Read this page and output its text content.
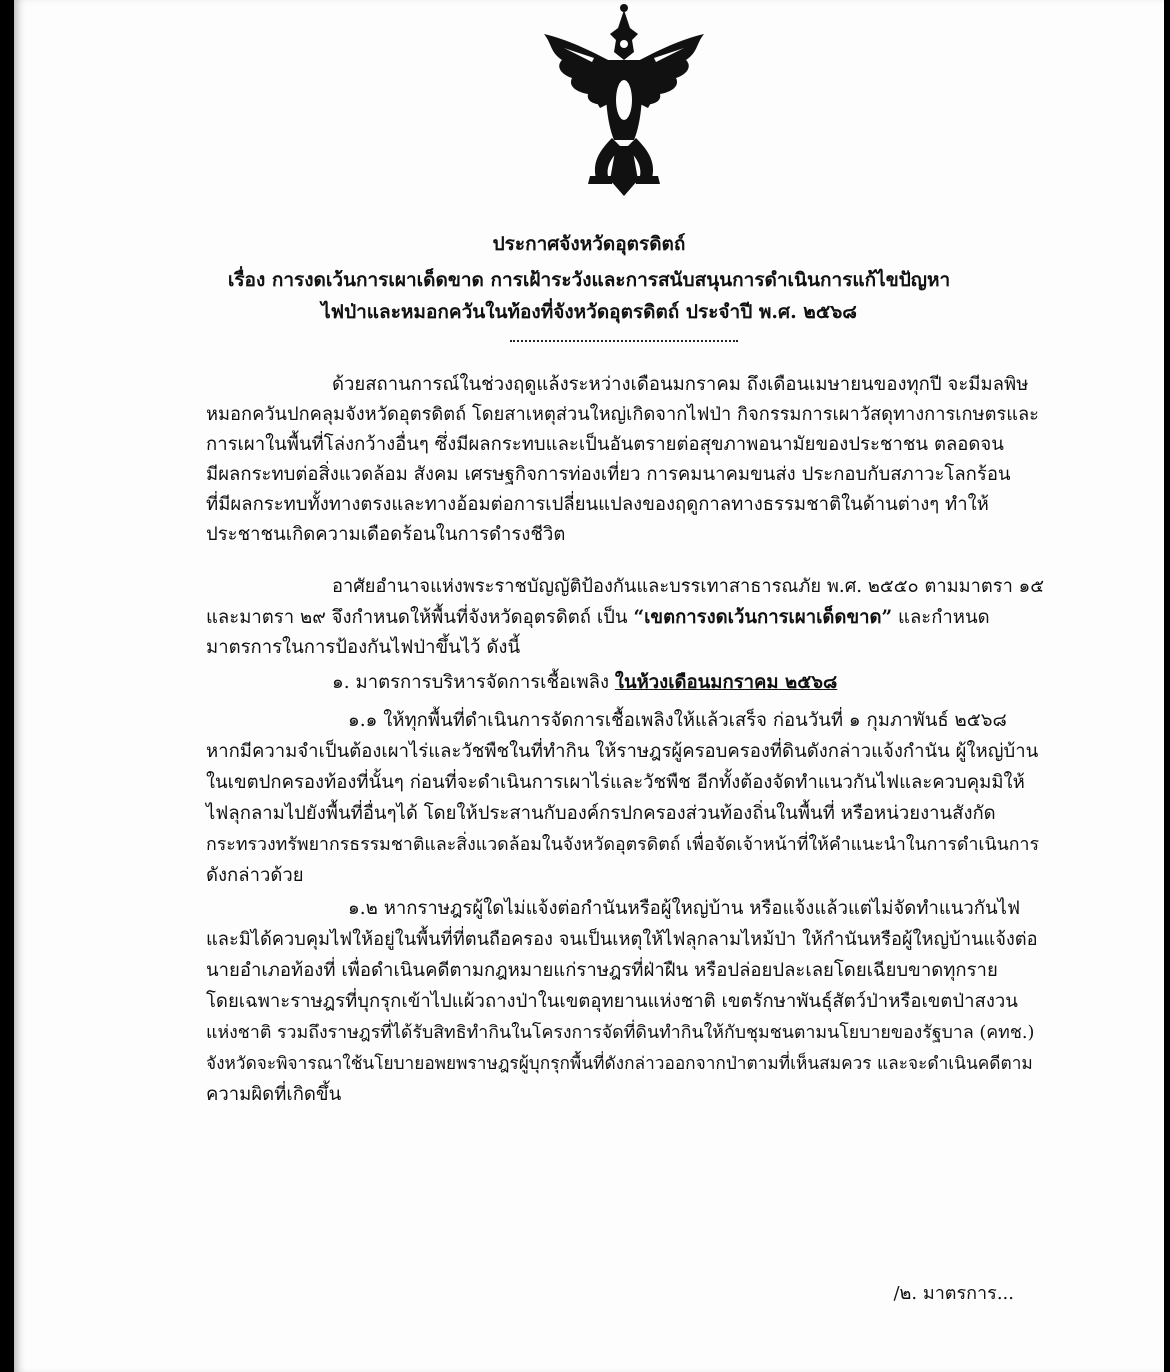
ประกาศจังหวัดอุตรดิตถ์
เรื่อง การงดเว้นการเผาเด็ดขาด การเฝ้าระวังและการสนับสนุนการดำเนินการแก้ไขปัญหา
ไฟป่าและหมอกควันในท้องที่จังหวัดอุตรดิตถ์ ประจำปี พ.ศ. ๒๕๖๘
ด้วยสถานการณ์ในช่วงฤดูแล้งระหว่างเดือนมกราคม ถึงเดือนเมษายนของทุกปี จะมีมลพิษ
หมอกควันปกคลุมจังหวัดอุตรดิตถ์ โดยสาเหตุส่วนใหญ่เกิดจากไฟป่า กิจกรรมการเผาวัสดุทางการเกษตรและ
การเผาในพื้นที่โล่งกว้างอื่นๆ ซึ่งมีผลกระทบและเป็นอันตรายต่อสุขภาพอนามัยของประชาชน ตลอดจน
มีผลกระทบต่อสิ่งแวดล้อม สังคม เศรษฐกิจการท่องเที่ยว การคมนาคมขนส่ง ประกอบกับสภาวะโลกร้อน
ที่มีผลกระทบทั้งทางตรงและทางอ้อมต่อการเปลี่ยนแปลงของฤดูกาลทางธรรมชาติในด้านต่างๆ ทำให้
ประชาชนเกิดความเดือดร้อนในการดำรงชีวิต
อาศัยอำนาจแห่งพระราชบัญญัติป้องกันและบรรเทาสาธารณภัย พ.ศ. ๒๕๕๐ ตามมาตรา ๑๕
และมาตรา ๒๙ จึงกำหนดให้พื้นที่จังหวัดอุตรดิตถ์ เป็น “เขตการงดเว้นการเผาเด็ดขาด” และกำหนด
มาตรการในการป้องกันไฟป่าขึ้นไว้ ดังนี้
๑. มาตรการบริหารจัดการเชื้อเพลิง ในห้วงเดือนมกราคม ๒๕๖๘
๑.๑ ให้ทุกพื้นที่ดำเนินการจัดการเชื้อเพลิงให้แล้วเสร็จ ก่อนวันที่ ๑ กุมภาพันธ์ ๒๕๖๘
หากมีความจำเป็นต้องเผาไร่และวัชพืชในที่ทำกิน ให้ราษฎรผู้ครอบครองที่ดินดังกล่าวแจ้งกำนัน ผู้ใหญ่บ้าน
ในเขตปกครองท้องที่นั้นๆ ก่อนที่จะดำเนินการเผาไร่และวัชพืช อีกทั้งต้องจัดทำแนวกันไฟและควบคุมมิให้
ไฟลุกลามไปยังพื้นที่อื่นๆได้ โดยให้ประสานกับองค์กรปกครองส่วนท้องถิ่นในพื้นที่ หรือหน่วยงานสังกัด
กระทรวงทรัพยากรธรรมชาติและสิ่งแวดล้อมในจังหวัดอุตรดิตถ์ เพื่อจัดเจ้าหน้าที่ให้คำแนะนำในการดำเนินการ
ดังกล่าวด้วย
๑.๒ หากราษฎรผู้ใดไม่แจ้งต่อกำนันหรือผู้ใหญ่บ้าน หรือแจ้งแล้วแต่ไม่จัดทำแนวกันไฟ
และมิได้ควบคุมไฟให้อยู่ในพื้นที่ที่ตนถือครอง จนเป็นเหตุให้ไฟลุกลามไหม้ป่า ให้กำนันหรือผู้ใหญ่บ้านแจ้งต่อ
นายอำเภอท้องที่ เพื่อดำเนินคดีตามกฎหมายแก่ราษฎรที่ฝ่าฝืน หรือปล่อยปละเลยโดยเฉียบขาดทุกราย
โดยเฉพาะราษฎรที่บุกรุกเข้าไปแผ้วถางป่าในเขตอุทยานแห่งชาติ เขตรักษาพันธุ์สัตว์ป่าหรือเขตป่าสงวน
แห่งชาติ รวมถึงราษฎรที่ได้รับสิทธิทำกินในโครงการจัดที่ดินทำกินให้กับชุมชนตามนโยบายของรัฐบาล (คทช.)
จังหวัดจะพิจารณาใช้นโยบายอพยพราษฎรผู้บุกรุกพื้นที่ดังกล่าวออกจากป่าตามที่เห็นสมควร และจะดำเนินคดีตาม
ความผิดที่เกิดขึ้น
/๒. มาตรการ...
